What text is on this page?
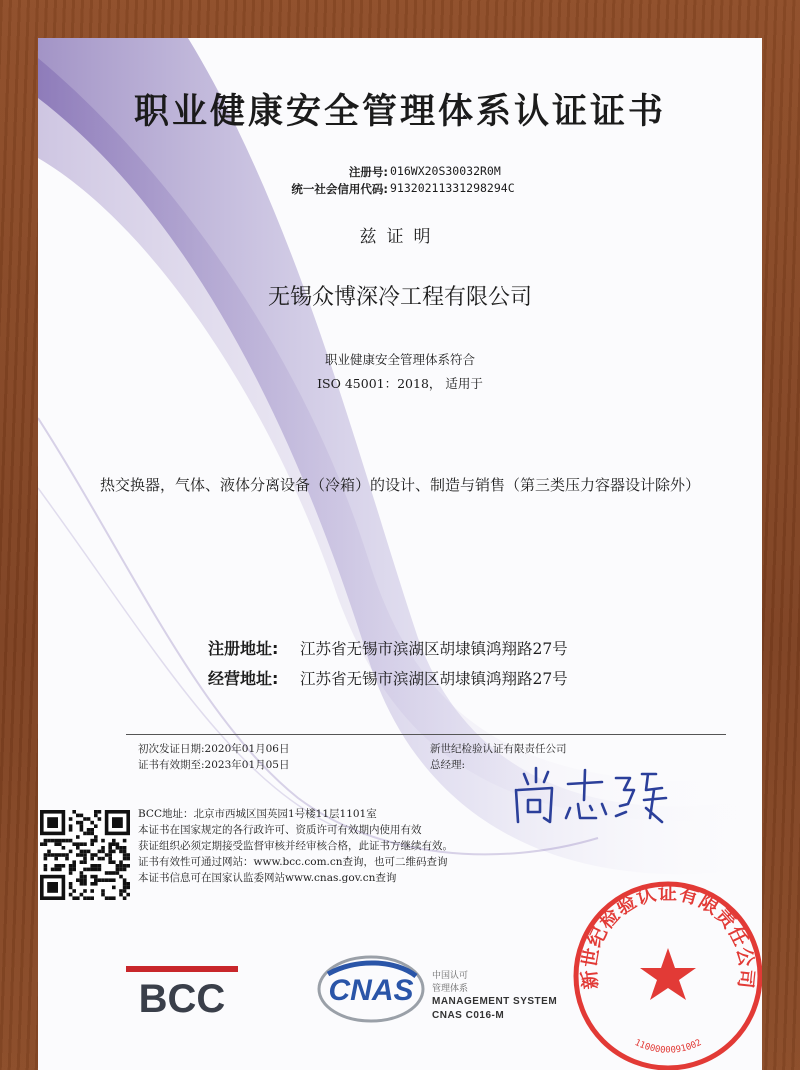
职业健康安全管理体系认证证书
注册号: 016WX20S30032R0M
统一社会信用代码: 91320211331298294C
兹证明
无锡众博深冷工程有限公司
职业健康安全管理体系符合
ISO 45001：2018， 适用于
热交换器，气体、液体分离设备（冷箱）的设计、制造与销售（第三类压力容器设计除外）
注册地址: 江苏省无锡市滨湖区胡埭镇鸿翔路27号
经营地址: 江苏省无锡市滨湖区胡埭镇鸿翔路27号
初次发证日期:2020年01月06日
证书有效期至:2023年01月05日
新世纪检验认证有限责任公司
总经理:
BCC地址：北京市西城区国英园1号楼11层1101室
本证书在国家规定的各行政许可、资质许可有效期内使用有效
获证组织必须定期接受监督审核并经审核合格，此证书方继续有效。
证书有效性可通过网站：www.bcc.com.cn查询，也可二维码查询
本证书信息可在国家认监委网站www.cnas.gov.cn查询
BCC	CNAS 中国认可
管理体系
MANAGEMENT SYSTEM
CNAS C016-M
新世纪检验认证有限责任公司
1100000091002
